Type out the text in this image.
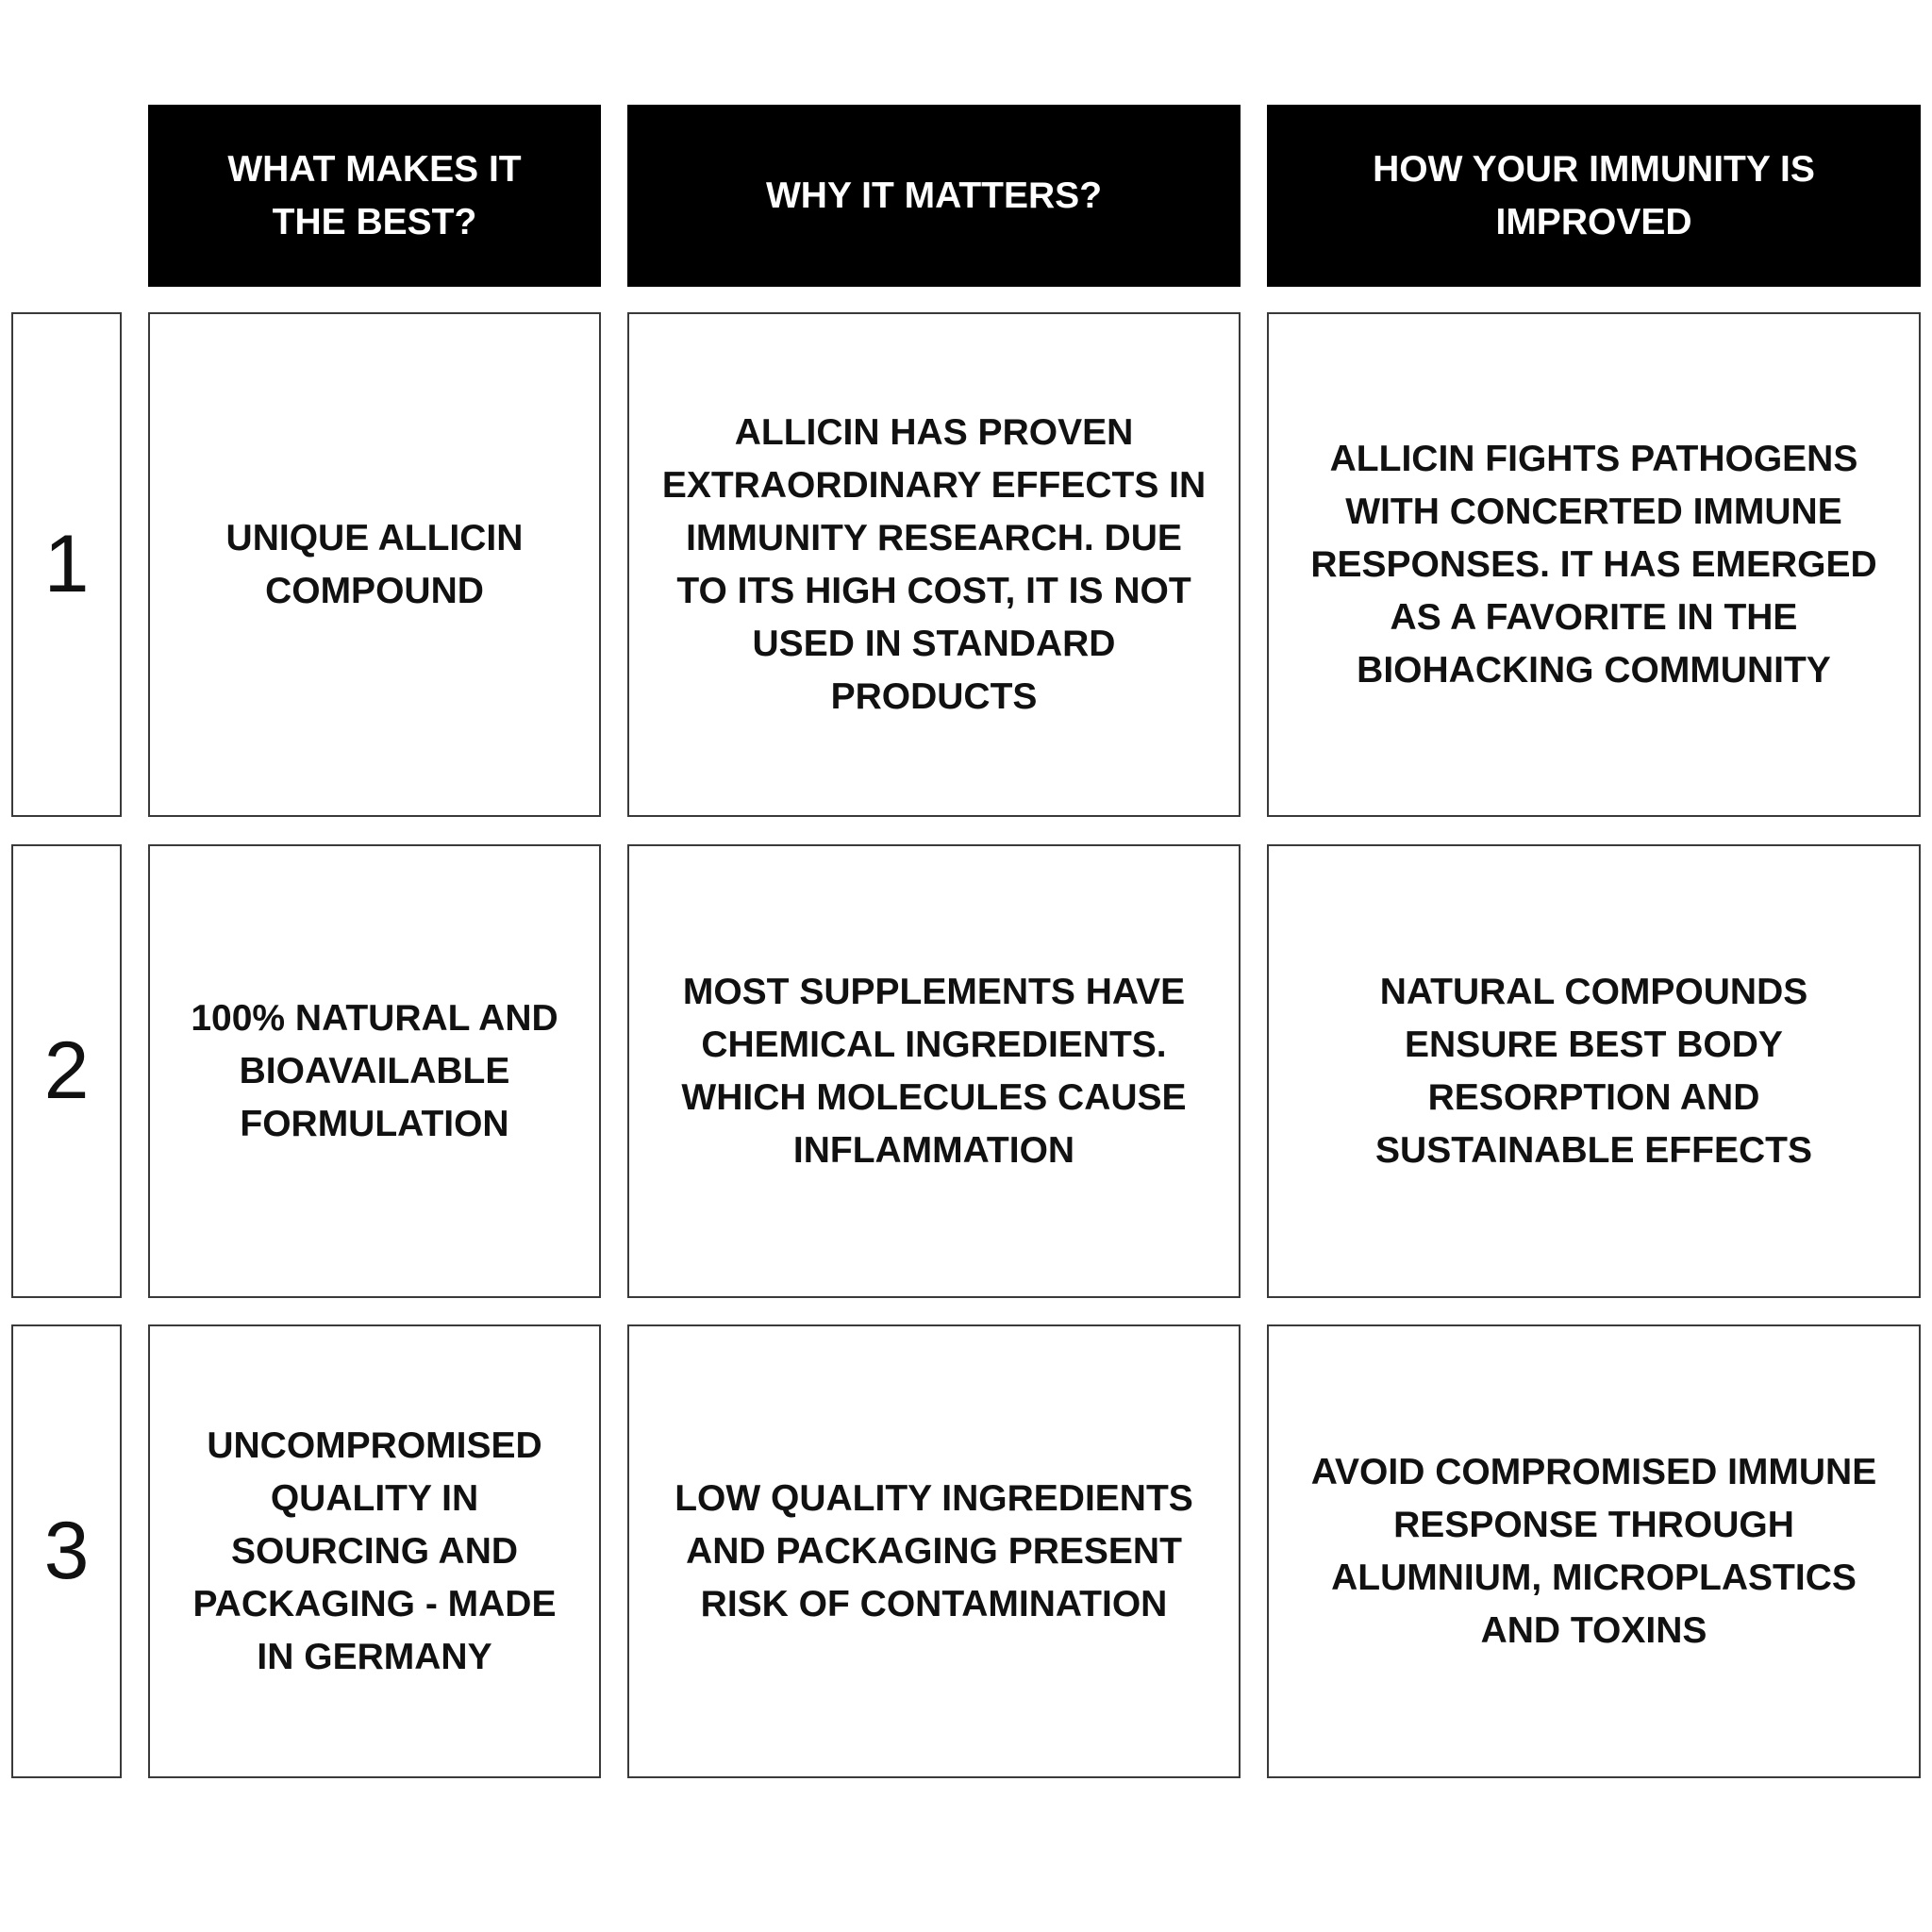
WHAT MAKES IT
THE BEST?
WHY IT MATTERS?
HOW YOUR IMMUNITY IS
IMPROVED
1	UNIQUE ALLICIN
COMPOUND
ALLICIN HAS PROVEN
EXTRAORDINARY EFFECTS IN
IMMUNITY RESEARCH. DUE
TO ITS HIGH COST, IT IS NOT
USED IN STANDARD
PRODUCTS
ALLICIN FIGHTS PATHOGENS
WITH CONCERTED IMMUNE
RESPONSES. IT HAS EMERGED
AS A FAVORITE IN THE
BIOHACKING COMMUNITY
2
100% NATURAL AND
BIOAVAILABLE
FORMULATION
MOST SUPPLEMENTS HAVE
CHEMICAL INGREDIENTS.
WHICH MOLECULES CAUSE
INFLAMMATION
NATURAL COMPOUNDS
ENSURE BEST BODY
RESORPTION AND
SUSTAINABLE EFFECTS
3
UNCOMPROMISED
QUALITY IN
SOURCING AND
PACKAGING - MADE
IN GERMANY
LOW QUALITY INGREDIENTS
AND PACKAGING PRESENT
RISK OF CONTAMINATION
AVOID COMPROMISED IMMUNE
RESPONSE THROUGH
ALUMNIUM, MICROPLASTICS
AND TOXINS
